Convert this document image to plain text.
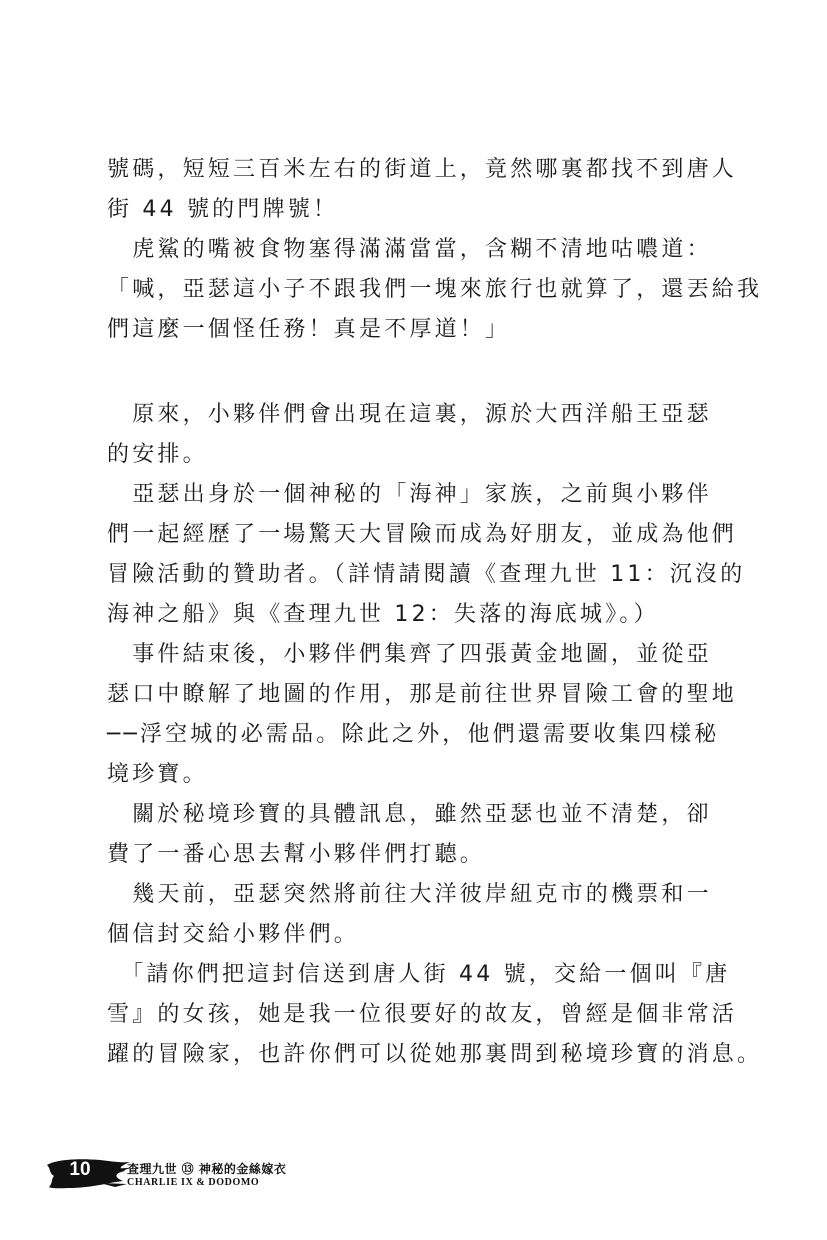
號碼，短短三百米左右的街道上，竟然哪裏都找不到唐人
街 44 號的門牌號！
　虎鯊的嘴被食物塞得滿滿當當，含糊不清地咕噥道：
「喊，亞瑟這小子不跟我們一塊來旅行也就算了，還丟給我
們這麼一個怪任務！真是不厚道！」
　原來，小夥伴們會出現在這裏，源於大西洋船王亞瑟
的安排。
　亞瑟出身於一個神秘的「海神」家族，之前與小夥伴
們一起經歷了一場驚天大冒險而成為好朋友，並成為他們
冒險活動的贊助者。（詳情請閱讀《查理九世 11：沉沒的
海神之船》與《查理九世 12：失落的海底城》。）
　事件結束後，小夥伴們集齊了四張黃金地圖，並從亞
瑟口中瞭解了地圖的作用，那是前往世界冒險工會的聖地
──浮空城的必需品。除此之外，他們還需要收集四樣秘
境珍寶。
　關於秘境珍寶的具體訊息，雖然亞瑟也並不清楚，卻
費了一番心思去幫小夥伴們打聽。
　幾天前，亞瑟突然將前往大洋彼岸紐克市的機票和一
個信封交給小夥伴們。
　「請你們把這封信送到唐人街 44 號，交給一個叫『唐
雪』的女孩，她是我一位很要好的故友，曾經是個非常活
躍的冒險家，也許你們可以從她那裏問到秘境珍寶的消息。
10	查理九世 ⑬ 神秘的金絲嫁衣
CHARLIE IX & DODOMO
